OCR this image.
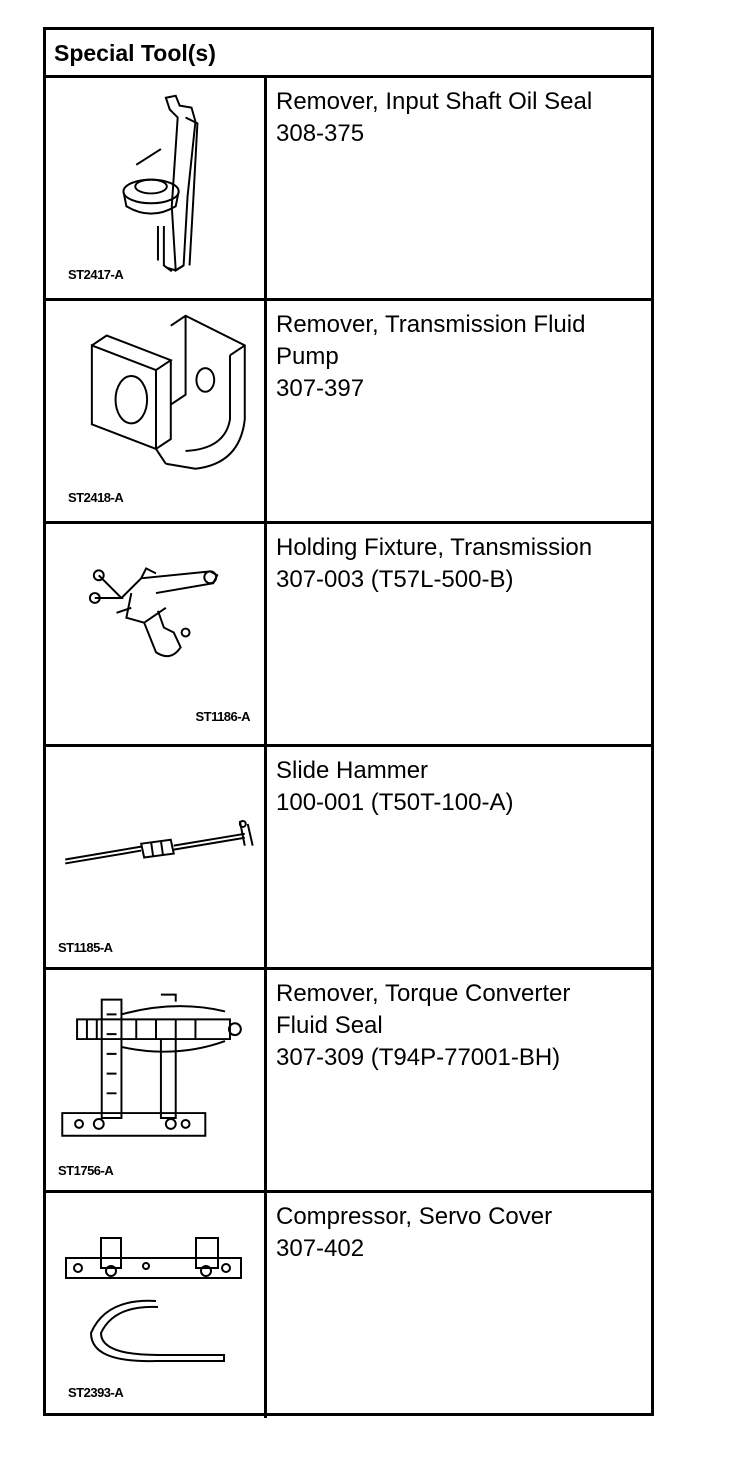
Special Tool(s)
ST2417-A
Remover, Input Shaft Oil Seal
308-375
ST2418-A
Remover, Transmission Fluid
Pump
307-397
ST1186-A
Holding Fixture, Transmission
307-003 (T57L-500-B)
ST1185-A
Slide Hammer
100-001 (T50T-100-A)
ST1756-A
Remover, Torque Converter
Fluid Seal
307-309 (T94P-77001-BH)
ST2393-A
Compressor, Servo Cover
307-402
